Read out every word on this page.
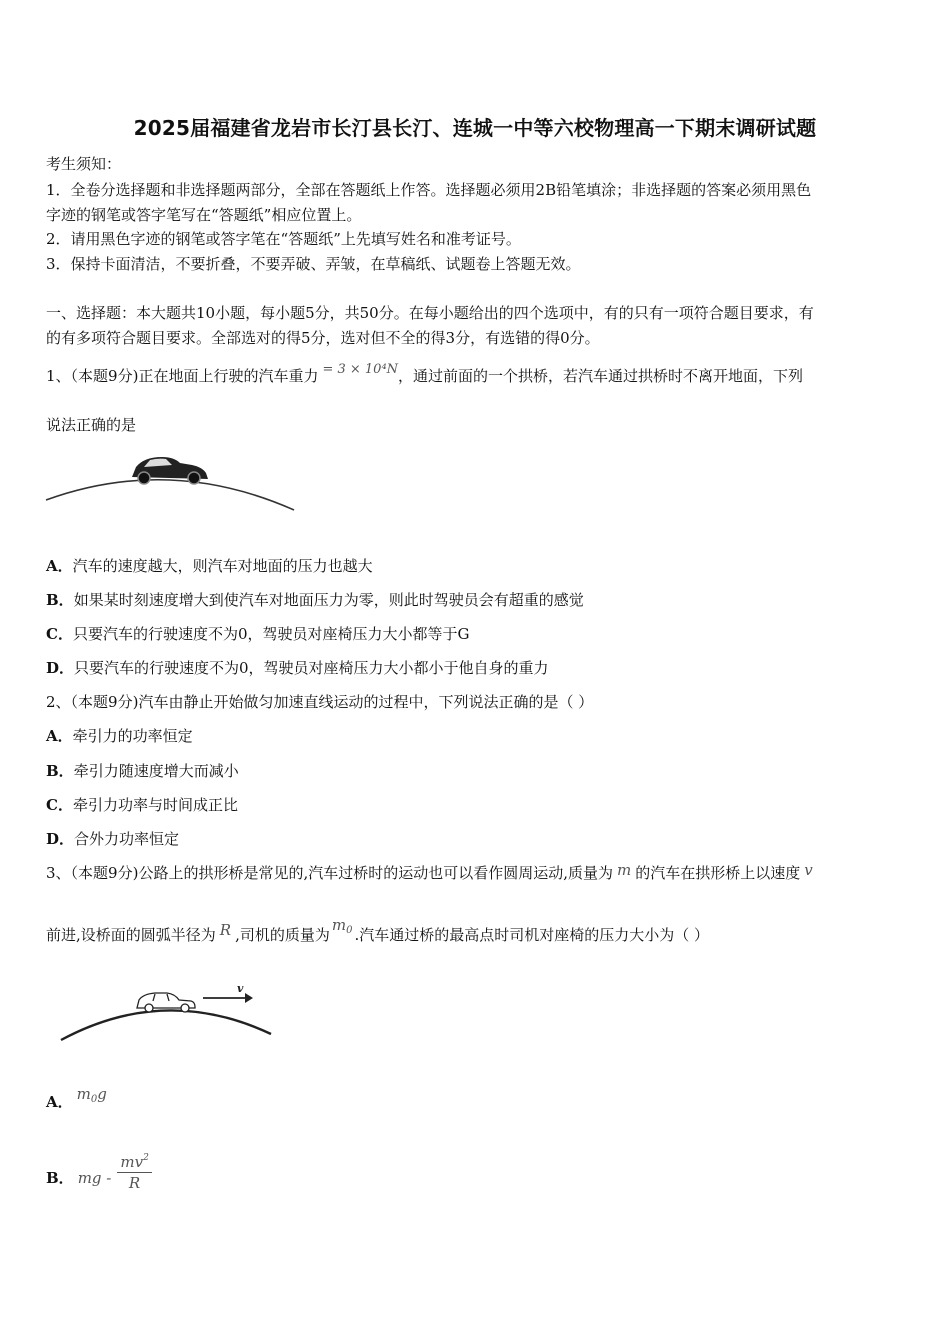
2025届福建省龙岩市长汀县长汀、连城一中等六校物理高一下期末调研试题
考生须知：
1．全卷分选择题和非选择题两部分，全部在答题纸上作答。选择题必须用2B铅笔填涂；非选择题的答案必须用黑色
字迹的钢笔或答字笔写在“答题纸”相应位置上。
2．请用黑色字迹的钢笔或答字笔在“答题纸”上先填写姓名和准考证号。
3．保持卡面清洁，不要折叠，不要弄破、弄皱，在草稿纸、试题卷上答题无效。
一、选择题：本大题共10小题，每小题5分，共50分。在每小题给出的四个选项中，有的只有一项符合题目要求，有
的有多项符合题目要求。全部选对的得5分，选对但不全的得3分，有选错的得0分。
1、（本题9分)正在地面上行驶的汽车重力 = 3 × 10⁴N，通过前面的一个拱桥，若汽车通过拱桥时不离开地面，下列
说法正确的是
A．汽车的速度越大，则汽车对地面的压力也越大
B．如果某时刻速度增大到使汽车对地面压力为零，则此时驾驶员会有超重的感觉
C．只要汽车的行驶速度不为0，驾驶员对座椅压力大小都等于G
D．只要汽车的行驶速度不为0，驾驶员对座椅压力大小都小于他自身的重力
2、（本题9分)汽车由静止开始做匀加速直线运动的过程中，下列说法正确的是（ ）
A．牵引力的功率恒定
B．牵引力随速度增大而减小
C．牵引力功率与时间成正比
D．合外力功率恒定
3、（本题9分)公路上的拱形桥是常见的,汽车过桥时的运动也可以看作圆周运动,质量为 m 的汽车在拱形桥上以速度 v
前进,设桥面的圆弧半径为 R ,司机的质量为$m_0$ .汽车通过桥的最高点时司机对座椅的压力大小为（ ）
v
A． $m_0g$
B． mg - $\frac{mv^2}{R}$
